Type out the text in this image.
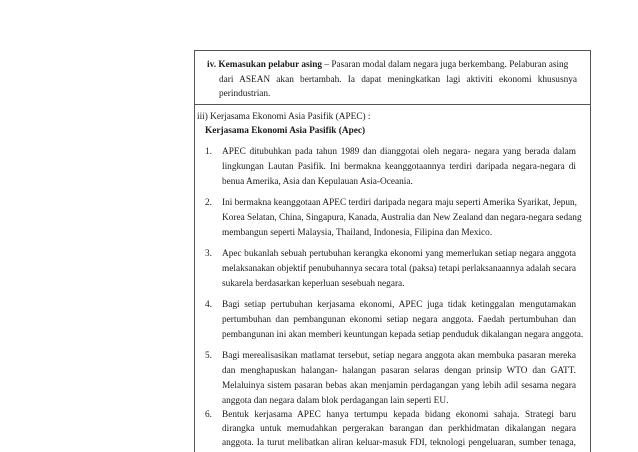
iv. Kemasukan pelabur asing – Pasaran modal dalam negara juga berkembang. Pelaburan asing
dari ASEAN akan bertambah. Ia dapat meningkatkan lagi aktiviti ekonomi khususnya
perindustrian.
iii) Kerjasama Ekonomi Asia Pasifik (APEC) :
Kerjasama Ekonomi Asia Pasifik (Apec)
1. APEC ditubuhkan pada tahun 1989 dan dianggotai oleh negara- negara yang berada dalam
lingkungan Lautan Pasifik. Ini bermakna keanggotaannya terdiri daripada negara-negara di
benua Amerika, Asia dan Kepulauan Asia-Oceania.
2. Ini bermakna keanggotaan APEC terdiri daripada negara maju seperti Amerika Syarikat, Jepun,
Korea Selatan, China, Singapura, Kanada, Australia dan New Zealand dan negara-negara sedang
membangun seperti Malaysia, Thailand, Indonesia, Filipina dan Mexico.
3. Apec bukanlah sebuah pertubuhan kerangka ekonomi yang memerlukan setiap negara anggota
melaksanakan objektif penubuhannya secara total (paksa) tetapi perlaksanaannya adalah secara
sukarela berdasarkan keperluan sesebuah negara.
4. Bagi setiap pertubuhan kerjasama ekonomi, APEC juga tidak ketinggalan mengutamakan
pertumbuhan dan pembangunan ekonomi setiap negara anggota. Faedah pertumbuhan dan
pembangunan ini akan memberi keuntungan kepada setiap penduduk dikalangan negara anggota.
5. Bagi merealisasikan matlamat tersebut, setiap negara anggota akan membuka pasaran mereka
dan menghapuskan halangan- halangan pasaran selaras dengan prinsip WTO dan GATT.
Melaluinya sistem pasaran bebas akan menjamin perdagangan yang lebih adil sesama negara
anggota dan negara dalam blok perdagangan lain seperti EU.
6. Bentuk kerjasama APEC hanya tertumpu kepada bidang ekonomi sahaja. Strategi baru
dirangka untuk memudahkan pergerakan barangan dan perkhidmatan dikalangan negara
anggota. Ia turut melibatkan aliran keluar-masuk FDI, teknologi pengeluaran, sumber tenaga,
